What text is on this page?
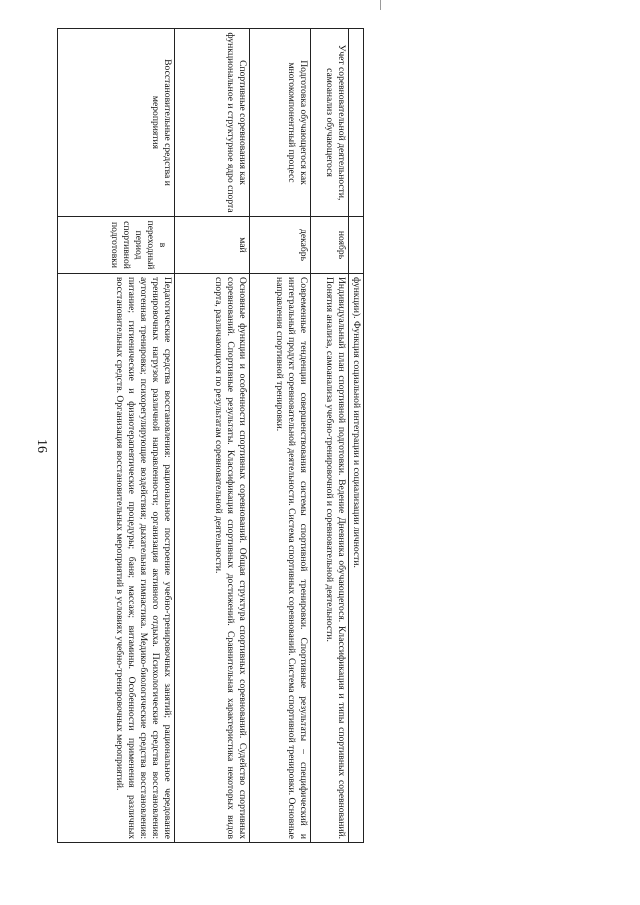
16
			функции). Функция социальной интеграции и социализации личности.
Учет соревновательной деятельности, самоанализ обучающегося	ноябрь	Индивидуальный план спортивной подготовки. Ведение Дневника обучающегося. Классификация и типы спортивных соревнований. Понятия анализа, самоанализа учебно-тренировочной и соревновательной деятельности.
Подготовка обучающегося как многокомпонентный процесс	декабрь	Современные тенденции совершенствования системы спортивной тренировки. Спортивные результаты – специфический и интегральный продукт соревновательной деятельности. Система спортивных соревнований. Система спортивной тренировки. Основные направления спортивной тренировки.
Спортивные соревнования как функциональное и структурное ядро спорта	май	Основные функции и особенности спортивных соревнований. Общая структура спортивных соревнований. Судейство спортивных соревнований. Спортивные результаты. Классификация спортивных достижений. Сравнительная характеристика некоторых видов спорта, различающихся по результатам соревновательной деятельности.
Восстановительные средства и мероприятия	в переходный период спортивной подготовки	Педагогические средства восстановления: рациональное построение учебно-тренировочных занятий; рациональное чередование тренировочных нагрузок различной направленности; организация активного отдыха. Психологические средства восстановления: аутогенная тренировка; психорегулирующие воздействия; дыхательная гимнастика. Медико-биологические средства восстановления: питание; гигиенические и физиотерапевтические процедуры; баня; массаж; витамины. Особенности применения различных восстановительных средств. Организация восстановительных мероприятий в условиях учебно-тренировочных мероприятий.
